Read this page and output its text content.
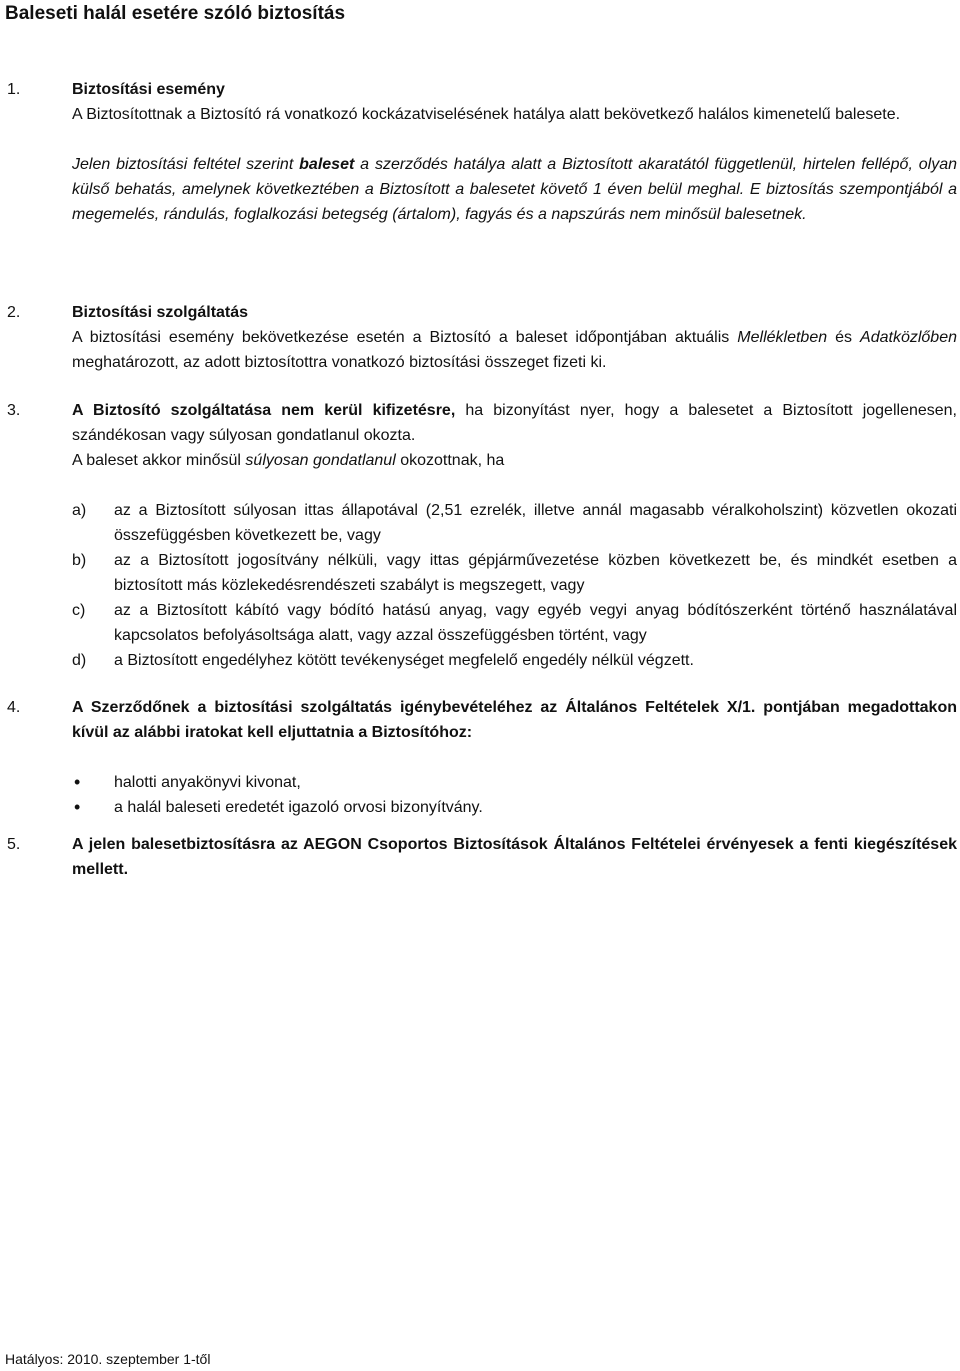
Baleseti halál esetére szóló biztosítás
1.	Biztosítási esemény

A Biztosítottnak a Biztosító rá vonatkozó kockázatviselésének hatálya alatt bekövetkező halálos kimenetelű balesete.

Jelen biztosítási feltétel szerint baleset a szerződés hatálya alatt a Biztosított akaratától függetlenül, hirtelen fellépő, olyan külső behatás, amelynek következtében a Biztosított a balesetet követő 1 éven belül meghal. E biztosítás szempontjából a megemelés, rándulás, foglalkozási betegség (ártalom), fagyás és a napszúrás nem minősül balesetnek.

2.	Biztosítási szolgáltatás

A biztosítási esemény bekövetkezése esetén a Biztosító a baleset időpontjában aktuális Mellékletben és Adatközlőben meghatározott, az adott biztosítottra vonatkozó biztosítási összeget fizeti ki.

3.	A Biztosító szolgáltatása nem kerül kifizetésre, ha bizonyítást nyer, hogy a balesetet a Biztosított jogellenesen, szándékosan vagy súlyosan gondatlanul okozta.

A baleset akkor minősül súlyosan gondatlanul okozottnak, ha

a) az a Biztosított súlyosan ittas állapotával (2,51 ezrelék, illetve annál magasabb véralkoholszint) közvetlen okozati összefüggésben következett be, vagy
b) az a Biztosított jogosítvány nélküli, vagy ittas gépjárművezetése közben következett be, és mindkét esetben a biztosított más közlekedésrendészeti szabályt is megszegett, vagy
c) az a Biztosított kábító vagy bódító hatású anyag, vagy egyéb vegyi anyag bódítószerként történő használatával kapcsolatos befolyásoltsága alatt, vagy azzal összefüggésben történt, vagy
d) a Biztosított engedélyhez kötött tevékenységet megfelelő engedély nélkül végzett.
4.	A Szerződőnek a biztosítási szolgáltatás igénybevételéhez az Általános Feltételek X/1. pontjában megadottakon kívül az alábbi iratokat kell eljuttatnia a Biztosítóhoz:

• halotti anyakönyvi kivonat,
• a halál baleseti eredetét igazoló orvosi bizonyítvány.
5.	A jelen balesetbiztosításra az AEGON Csoportos Biztosítások Általános Feltételei érvényesek a fenti kiegészítések mellett.

Hatályos: 2010. szeptember 1-től
